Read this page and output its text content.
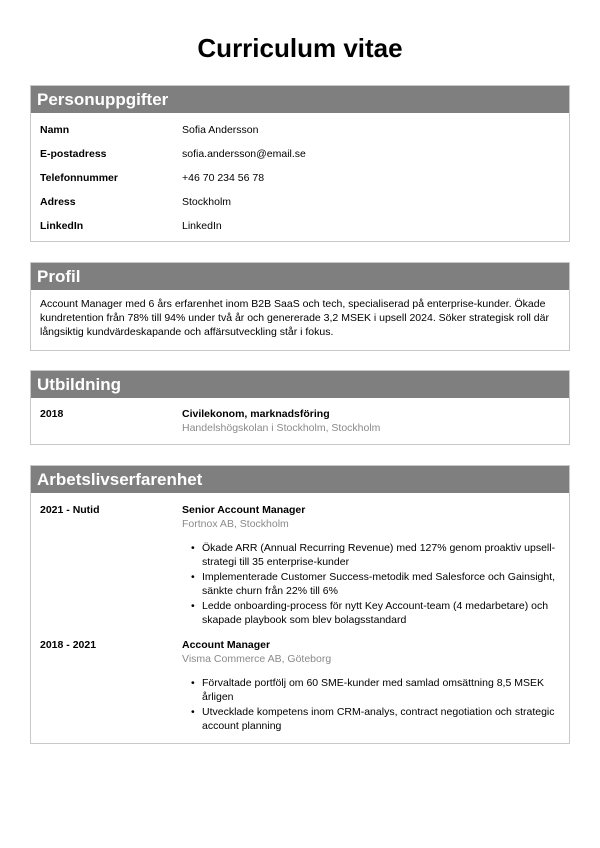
Curriculum vitae
Personuppgifter
Namn	Sofia Andersson
E-postadress	sofia.andersson@email.se
Telefonnummer	+46 70 234 56 78
Adress	Stockholm
LinkedIn	LinkedIn
Profil
Account Manager med 6 års erfarenhet inom B2B SaaS och tech, specialiserad på enterprise-kunder. Ökade kundretention från 78% till 94% under två år och genererade 3,2 MSEK i upsell 2024. Söker strategisk roll där långsiktig kundvärdeskapande och affärsutveckling står i fokus.
Utbildning
2018	Civilekonom, marknadsföring
Handelshögskolan i Stockholm, Stockholm
Arbetslivserfarenhet
2021 - Nutid	Senior Account Manager
Fortnox AB, Stockholm
• Ökade ARR (Annual Recurring Revenue) med 127% genom proaktiv upsell-strategi till 35 enterprise-kunder
• Implementerade Customer Success-metodik med Salesforce och Gainsight, sänkte churn från 22% till 6%
• Ledde onboarding-process för nytt Key Account-team (4 medarbetare) och skapade playbook som blev bolagsstandard
2018 - 2021	Account Manager
Visma Commerce AB, Göteborg
• Förvaltade portfölj om 60 SME-kunder med samlad omsättning 8,5 MSEK årligen
• Utvecklade kompetens inom CRM-analys, contract negotiation och strategic account planning
